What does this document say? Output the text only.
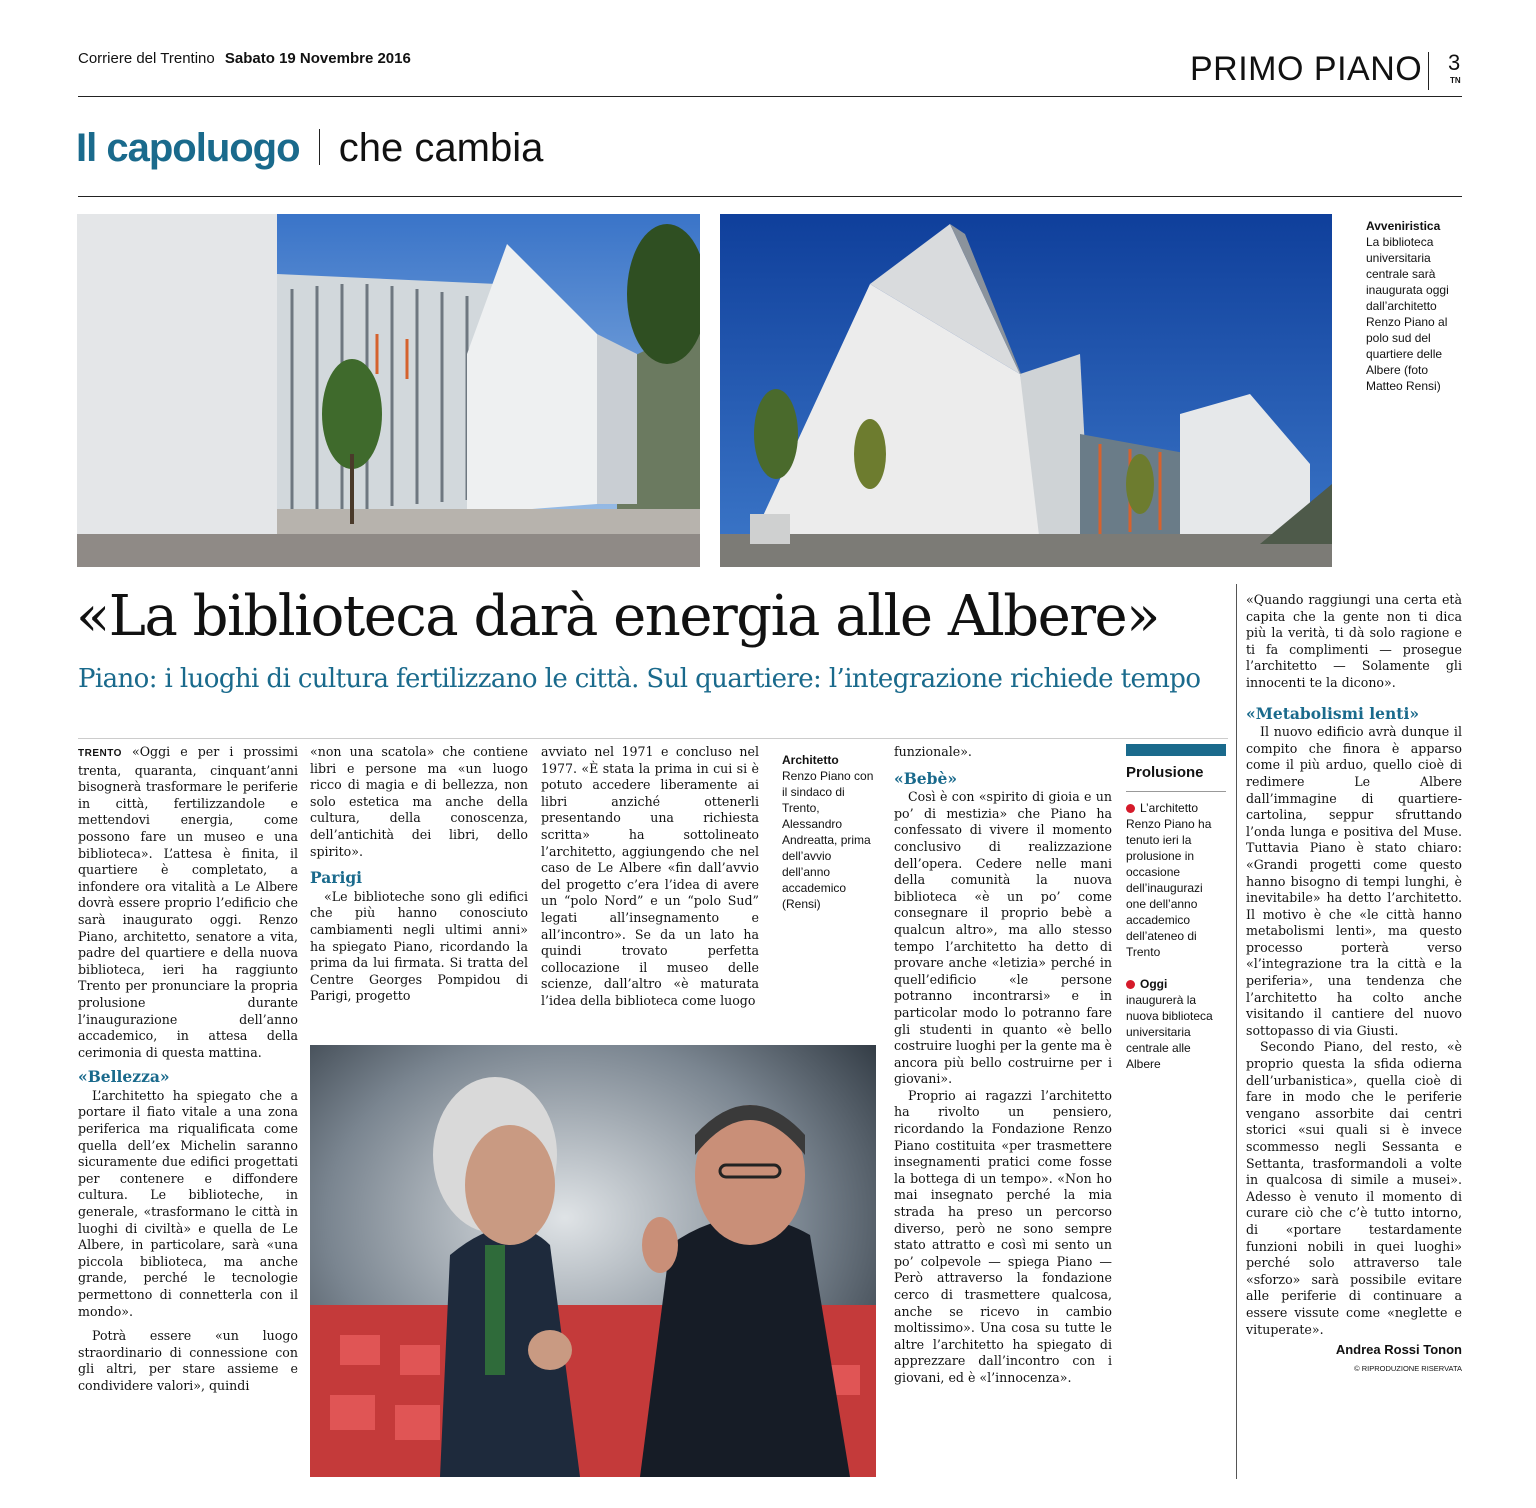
Corriere del Trentino Sabato 19 Novembre 2016	PRIMO PIANO 3
TN
Il capoluogo che cambia
Avveniristica
La biblioteca universitaria centrale sarà inaugurata oggi dall’architetto Renzo Piano al polo sud del quartiere delle Albere (foto Matteo Rensi)
«La biblioteca darà energia alle Albere»
Piano: i luoghi di cultura fertilizzano le città. Sul quartiere: l’integrazione richiede tempo

TRENTO «Oggi e per i prossimi trenta, quaranta, cinquant’anni bisognerà trasformare le periferie in città, fertilizzandole e mettendovi energia, come possono fare un museo e una biblioteca». L’attesa è finita, il quartiere è completato, a infondere ora vitalità a Le Albere dovrà essere proprio l’edificio che sarà inaugurato oggi. Renzo Piano, architetto, senatore a vita, padre del quartiere e della nuova biblioteca, ieri ha raggiunto Trento per pronunciare la propria prolusione durante l’inaugurazione dell’anno accademico, in attesa della cerimonia di questa mattina.

«Bellezza»

L’architetto ha spiegato che a portare il fiato vitale a una zona periferica ma riqualificata come quella dell’ex Michelin saranno sicuramente due edifici progettati per contenere e diffondere cultura. Le biblioteche, in generale, «trasformano le città in luoghi di civiltà» e quella de Le Albere, in particolare, sarà «una piccola biblioteca, ma anche grande, perché le tecnologie permettono di connetterla con il mondo».

Potrà essere «un luogo straordinario di connessione con gli altri, per stare assieme e condividere valori», quindi

«non una scatola» che contiene libri e persone ma «un luogo ricco di magia e di bellezza, non solo estetica ma anche della cultura, della conoscenza, dell’antichità dei libri, dello spirito».

Parigi

«Le biblioteche sono gli edifici che più hanno conosciuto cambiamenti negli ultimi anni» ha spiegato Piano, ricordando la prima da lui firmata. Si tratta del Centre Georges Pompidou di Parigi, progetto

avviato nel 1971 e concluso nel 1977. «È stata la prima in cui si è potuto accedere liberamente ai libri anziché ottenerli presentando una richiesta scritta» ha sottolineato l’architetto, aggiungendo che nel caso de Le Albere «fin dall’avvio del progetto c’era l’idea di avere un “polo Nord” e un “polo Sud” legati all’insegnamento e all’incontro». Se da un lato ha quindi trovato perfetta collocazione il museo delle scienze, dall’altro «è maturata l’idea della biblioteca come luogo

Architetto
Renzo Piano con il sindaco di Trento, Alessandro Andreatta, prima dell’avvio dell’anno accademico (Rensi)

funzionale».

«Bebè»

Così è con «spirito di gioia e un po’ di mestizia» che Piano ha confessato di vivere il momento conclusivo di realizzazione dell’opera. Cedere nelle mani della comunità la nuova biblioteca «è un po’ come consegnare il proprio bebè a qualcun altro», ma allo stesso tempo l’architetto ha detto di provare anche «letizia» perché in quell’edificio «le persone potranno incontrarsi» e in particolar modo lo potranno fare gli studenti in quanto «è bello costruire luoghi per la gente ma è ancora più bello costruirne per i giovani».

Proprio ai ragazzi l’architetto ha rivolto un pensiero, ricordando la Fondazione Renzo Piano costituita «per trasmettere insegnamenti pratici come fosse la bottega di un tempo». «Non ho mai insegnato perché la mia strada ha preso un percorso diverso, però ne sono sempre stato attratto e così mi sento un po’ colpevole — spiega Piano — Però attraverso la fondazione cerco di trasmettere qualcosa, anche se ricevo in cambio moltissimo». Una cosa su tutte le altre l’architetto ha spiegato di apprezzare dall’incontro con i giovani, ed è «l’innocenza».

Prolusione
L’architetto Renzo Piano ha tenuto ieri la prolusione in occasione dell’inaugurazi one dell’anno accademico dell’ateneo di Trento
Oggi inaugurerà la nuova biblioteca universitaria centrale alle Albere

«Quando raggiungi una certa età capita che la gente non ti dica più la verità, ti dà solo ragione e ti fa complimenti — prosegue l’architetto — Solamente gli innocenti te la dicono».

«Metabolismi lenti»

Il nuovo edificio avrà dunque il compito che finora è apparso come il più arduo, quello cioè di redimere Le Albere dall’immagine di quartiere-cartolina, seppur sfruttando l’onda lunga e positiva del Muse. Tuttavia Piano è stato chiaro: «Grandi progetti come questo hanno bisogno di tempi lunghi, è inevitabile» ha detto l’architetto. Il motivo è che «le città hanno metabolismi lenti», ma questo processo porterà verso «l’integrazione tra la città e la periferia», una tendenza che l’architetto ha colto anche visitando il cantiere del nuovo sottopasso di via Giusti.

Secondo Piano, del resto, «è proprio questa la sfida odierna dell’urbanistica», quella cioè di fare in modo che le periferie vengano assorbite dai centri storici «sui quali si è invece scommesso negli Sessanta e Settanta, trasformandoli a volte in qualcosa di simile a musei». Adesso è venuto il momento di curare ciò che c’è tutto intorno, di «portare testardamente funzioni nobili in quei luoghi» perché solo attraverso tale «sforzo» sarà possibile evitare alle periferie di continuare a essere vissute come «neglette e vituperate».

Andrea Rossi Tonon
© RIPRODUZIONE RISERVATA
